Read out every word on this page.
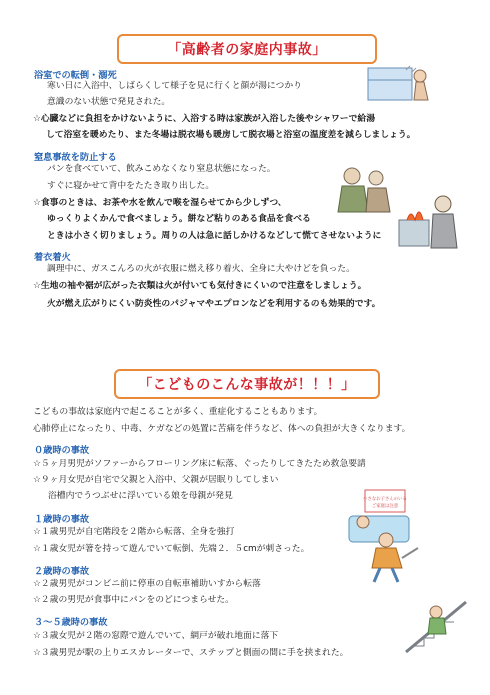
「高齢者の家庭内事故」
浴室での転倒・溺死
寒い日に入浴中、しばらくして様子を見に行くと顔が湯につかり
意識のない状態で発見された。
☆心臓などに負担をかけないように、入浴する時は家族が入浴した後やシャワーで給湯
して浴室を暖めたり、また冬場は脱衣場も暖房して脱衣場と浴室の温度差を減らしましょう。
窒息事故を防止する
パンを食べていて、飲みこめなくなり窒息状態になった。
すぐに寝かせて背中をたたき取り出した。
☆食事のときは、お茶や水を飲んで喉を湿らせてから少しずつ、
ゆっくりよくかんで食べましょう。餅など粘りのある食品を食べる
ときは小さく切りましょう。周りの人は急に話しかけるなどして慌てさせないように
着衣着火
調理中に、ガスこんろの火が衣服に燃え移り着火、全身に大やけどを負った。
☆生地の袖や裾が広がった衣類は火が付いても気付きにくいので注意をしましょう。
火が燃え広がりにくい防炎性のパジャマやエプロンなどを利用するのも効果的です。
「こどものこんな事故が！！！」
こどもの事故は家庭内で起こることが多く、重症化することもあります。
心肺停止になったり、中毒、ケガなどの処置に苦痛を伴うなど、体への負担が大きくなります。
０歳時の事故
☆５ヶ月男児がソファーからフローリング床に転落、ぐったりしてきたため救急要請
☆９ヶ月女児が自宅で父親と入浴中、父親が居眠りしてしまい
浴槽内でうつぶせに浮いている娘を母親が発見
１歳時の事故
☆１歳男児が自宅階段を２階から転落、全身を強打
☆１歳女児が箸を持って遊んでいて転倒、先端２．５cmが刺さった。
２歳時の事故
☆２歳男児がコンビニ前に停車の自転車補助いすから転落
☆２歳の男児が食事中にパンをのどにつまらせた。
３～５歳時の事故
☆３歳女児が２階の窓際で遊んでいて、網戸が破れ地面に落下
☆３歳男児が駅の上りエスカレーターで、ステップと側面の間に手を挟まれた。
小さなお子さんのいる
ご家庭は注意
